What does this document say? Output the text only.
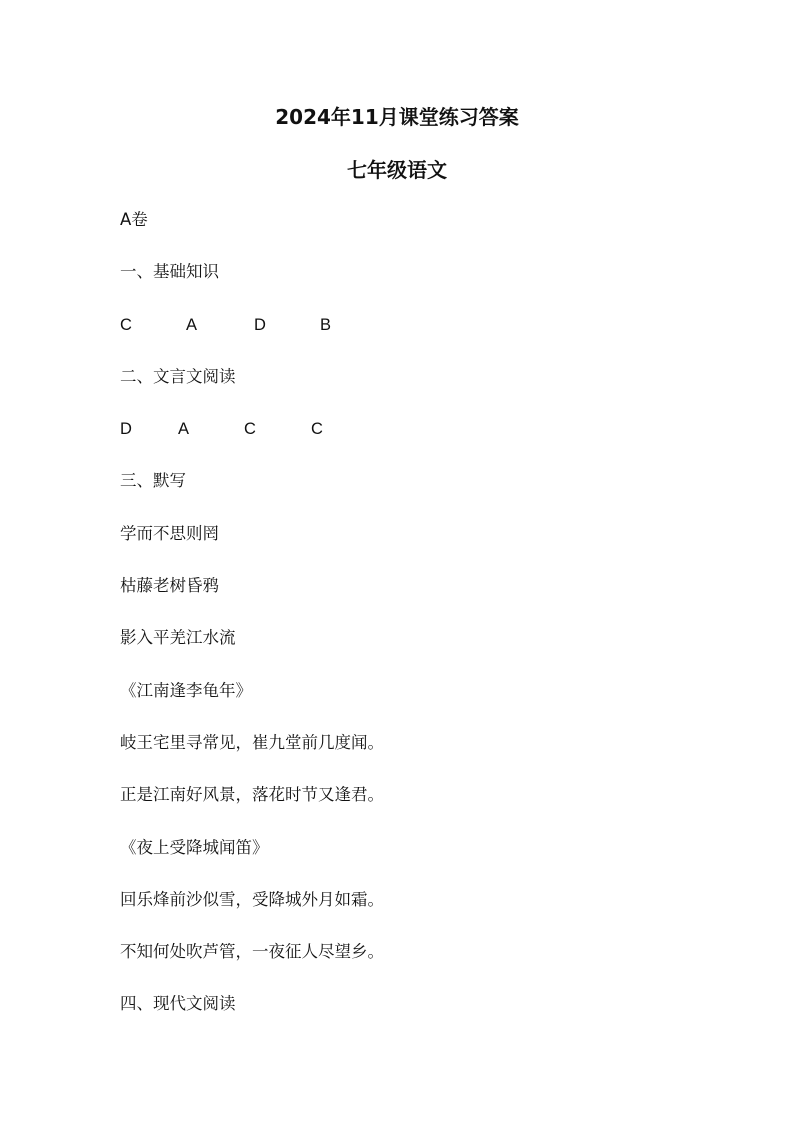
2024年11月课堂练习答案
七年级语文
A卷
一、基础知识
C	A	D	B
二、文言文阅读
D	A	C	C
三、默写
学而不思则罔
枯藤老树昏鸦
影入平羌江水流
《江南逢李龟年》
岐王宅里寻常见，崔九堂前几度闻。
正是江南好风景，落花时节又逢君。
《夜上受降城闻笛》
回乐烽前沙似雪，受降城外月如霜。
不知何处吹芦管，一夜征人尽望乡。
四、现代文阅读
